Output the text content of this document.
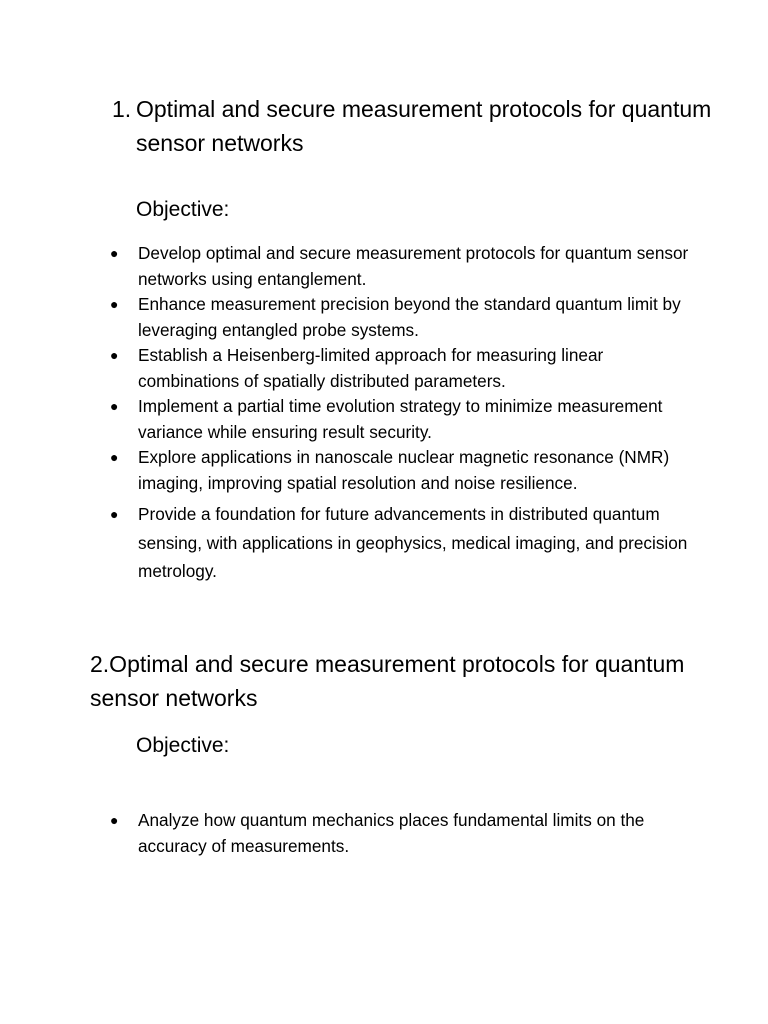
1. Optimal and secure measurement protocols for quantum sensor networks
Objective:
●	Develop optimal and secure measurement protocols for quantum sensor networks using entanglement.
●	Enhance measurement precision beyond the standard quantum limit by leveraging entangled probe systems.
●	Establish a Heisenberg-limited approach for measuring linear combinations of spatially distributed parameters.
●	Implement a partial time evolution strategy to minimize measurement variance while ensuring result security.
●	Explore applications in nanoscale nuclear magnetic resonance (NMR) imaging, improving spatial resolution and noise resilience.
●	Provide a foundation for future advancements in distributed quantum sensing, with applications in geophysics, medical imaging, and precision metrology.
2.Optimal and secure measurement protocols for quantum sensor networks
Objective:
●	Analyze how quantum mechanics places fundamental limits on the accuracy of measurements.
